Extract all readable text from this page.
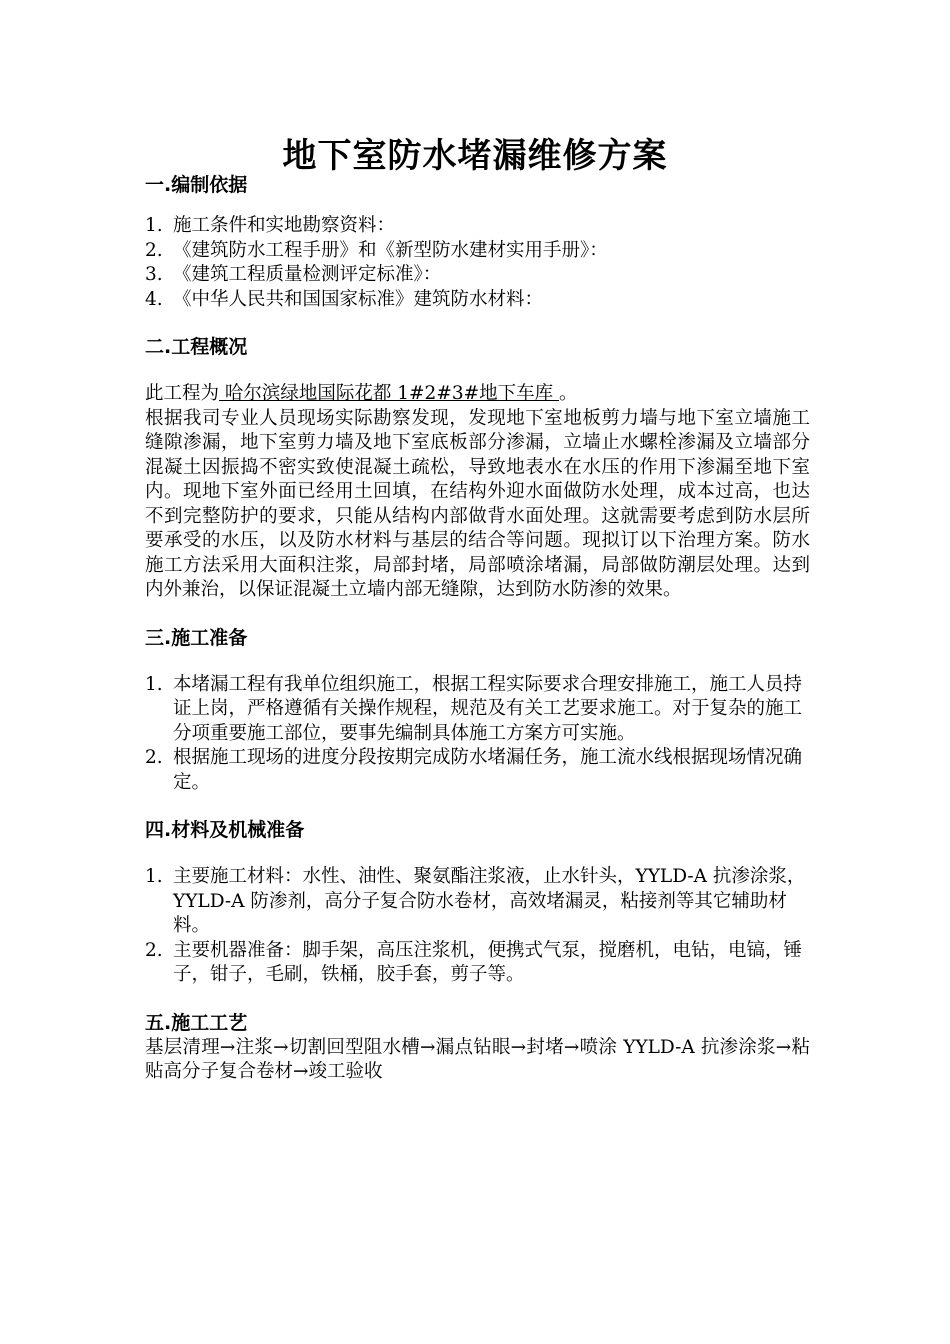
地下室防水堵漏维修方案
一.编制依据
1. 施工条件和实地勘察资料：
2. 《建筑防水工程手册》和《新型防水建材实用手册》：
3. 《建筑工程质量检测评定标准》：
4. 《中华人民共和国国家标准》建筑防水材料：
二.工程概况

此工程为 哈尔滨绿地国际花都 1#2#3#地下车库 。

根据我司专业人员现场实际勘察发现，发现地下室地板剪力墙与地下室立墙施工缝隙渗漏，地下室剪力墙及地下室底板部分渗漏，立墙止水螺栓渗漏及立墙部分混凝土因振捣不密实致使混凝土疏松，导致地表水在水压的作用下渗漏至地下室内。现地下室外面已经用土回填，在结构外迎水面做防水处理，成本过高，也达不到完整防护的要求，只能从结构内部做背水面处理。这就需要考虑到防水层所要承受的水压，以及防水材料与基层的结合等问题。现拟订以下治理方案。防水施工方法采用大面积注浆，局部封堵，局部喷涂堵漏，局部做防潮层处理。达到内外兼治，以保证混凝土立墙内部无缝隙，达到防水防渗的效果。

三.施工准备
1. 本堵漏工程有我单位组织施工，根据工程实际要求合理安排施工，施工人员持证上岗，严格遵循有关操作规程，规范及有关工艺要求施工。对于复杂的施工分项重要施工部位，要事先编制具体施工方案方可实施。
2. 根据施工现场的进度分段按期完成防水堵漏任务，施工流水线根据现场情况确定。
四.材料及机械准备
1. 主要施工材料：水性、油性、聚氨酯注浆液，止水针头，YYLD-A 抗渗涂浆，YYLD-A 防渗剂，高分子复合防水卷材，高效堵漏灵，粘接剂等其它辅助材料。
2. 主要机器准备：脚手架，高压注浆机，便携式气泵，搅磨机，电钻，电镐，锤子，钳子，毛刷，铁桶，胶手套，剪子等。
五.施工工艺

基层清理→注浆→切割回型阻水槽→漏点钻眼→封堵→喷涂 YYLD-A 抗渗涂浆→粘贴高分子复合卷材→竣工验收
